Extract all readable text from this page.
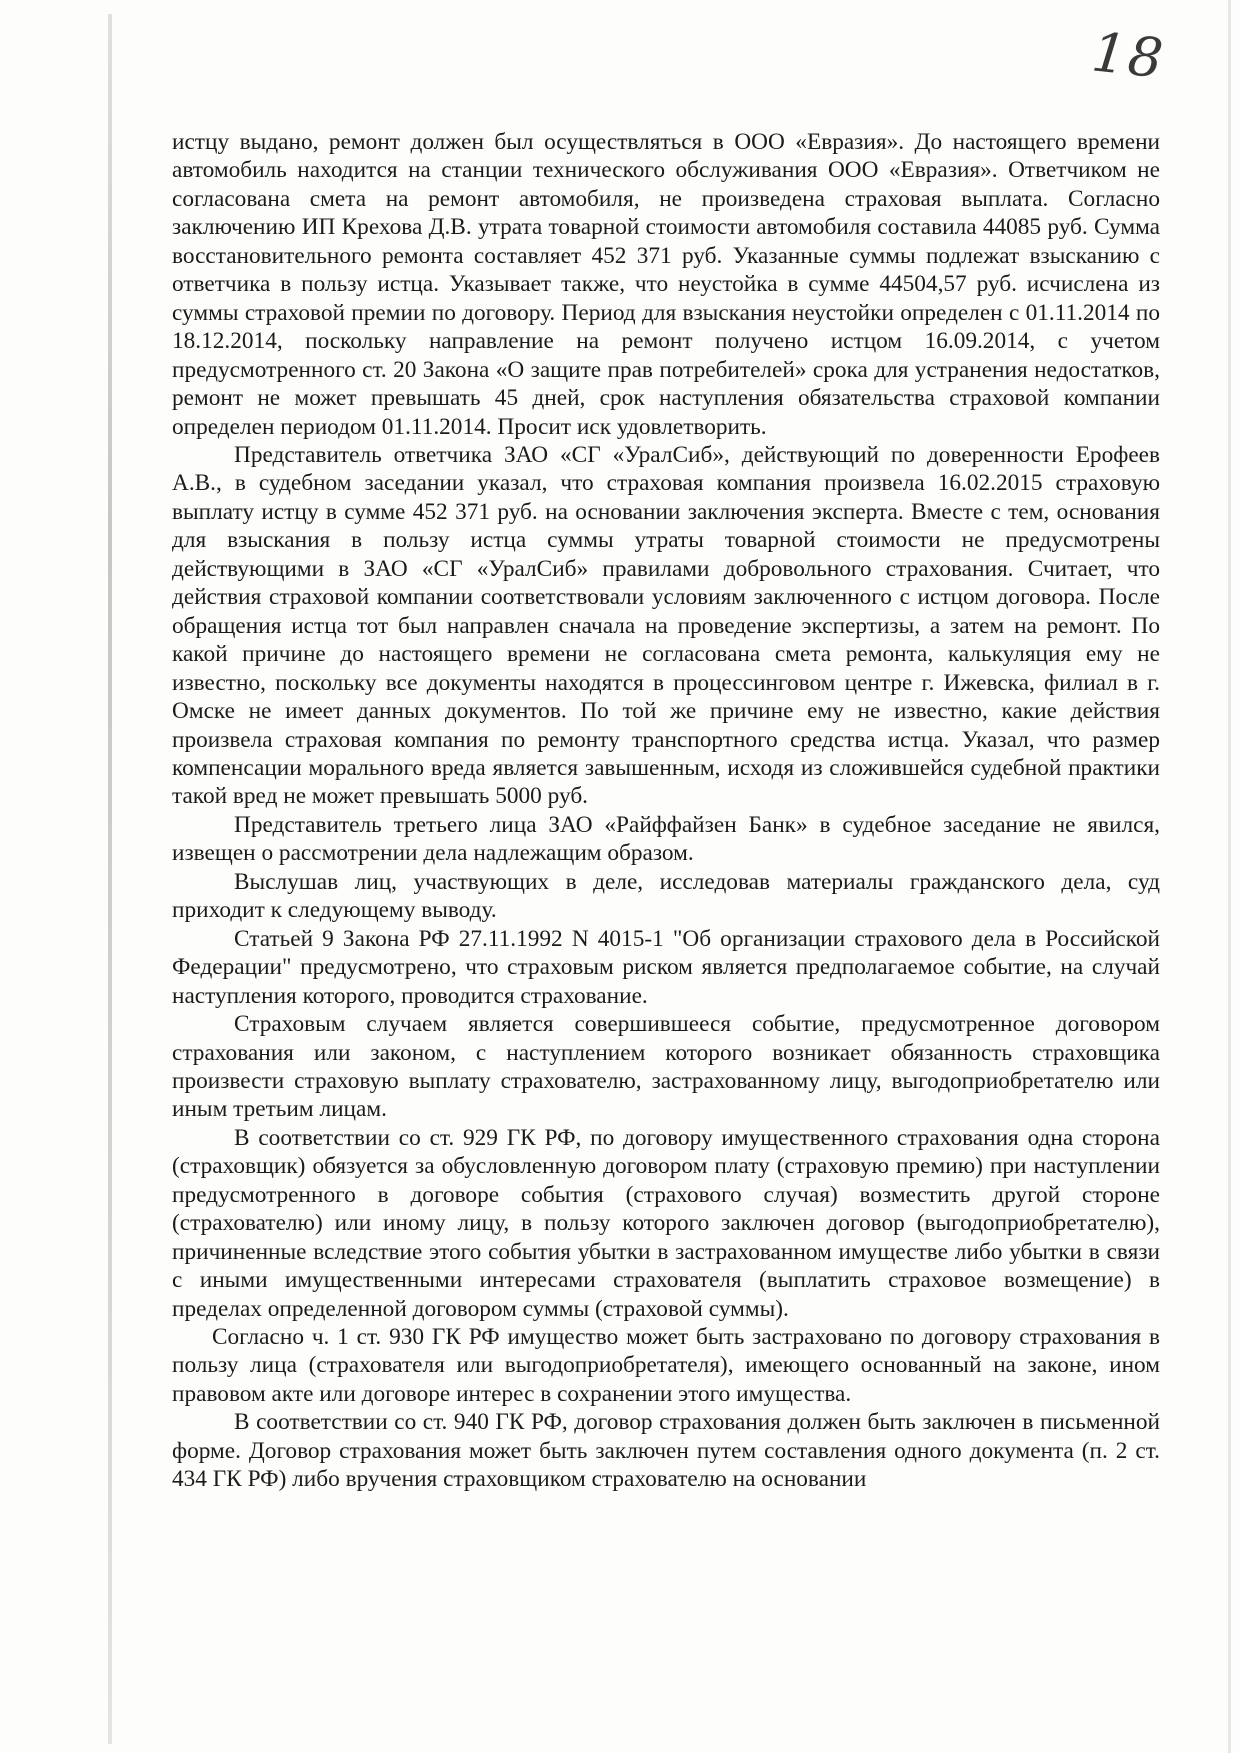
18

истцу выдано, ремонт должен был осуществляться в ООО «Евразия». До настоящего времени автомобиль находится на станции технического обслуживания ООО «Евразия». Ответчиком не согласована смета на ремонт автомобиля, не произведена страховая выплата. Согласно заключению ИП Крехова Д.В. утрата товарной стоимости автомобиля составила 44085 руб. Сумма восстановительного ремонта составляет 452 371 руб. Указанные суммы подлежат взысканию с ответчика в пользу истца. Указывает также, что неустойка в сумме 44504,57 руб. исчислена из суммы страховой премии по договору. Период для взыскания неустойки определен с 01.11.2014 по 18.12.2014, поскольку направление на ремонт получено истцом 16.09.2014, с учетом предусмотренного ст. 20 Закона «О защите прав потребителей» срока для устранения недостатков, ремонт не может превышать 45 дней, срок наступления обязательства страховой компании определен периодом 01.11.2014. Просит иск удовлетворить.

Представитель ответчика ЗАО «СГ «УралСиб», действующий по доверенности Ерофеев А.В., в судебном заседании указал, что страховая компания произвела 16.02.2015 страховую выплату истцу в сумме 452 371 руб. на основании заключения эксперта. Вместе с тем, основания для взыскания в пользу истца суммы утраты товарной стоимости не предусмотрены действующими в ЗАО «СГ «УралСиб» правилами добровольного страхования. Считает, что действия страховой компании соответствовали условиям заключенного с истцом договора. После обращения истца тот был направлен сначала на проведение экспертизы, а затем на ремонт. По какой причине до настоящего времени не согласована смета ремонта, калькуляция ему не известно, поскольку все документы находятся в процессинговом центре г. Ижевска, филиал в г. Омске не имеет данных документов. По той же причине ему не известно, какие действия произвела страховая компания по ремонту транспортного средства истца. Указал, что размер компенсации морального вреда является завышенным, исходя из сложившейся судебной практики такой вред не может превышать 5000 руб.

Представитель третьего лица ЗАО «Райффайзен Банк» в судебное заседание не явился, извещен о рассмотрении дела надлежащим образом.

Выслушав лиц, участвующих в деле, исследовав материалы гражданского дела, суд приходит к следующему выводу.

Статьей 9 Закона РФ 27.11.1992 N 4015-1 "Об организации страхового дела в Российской Федерации" предусмотрено, что страховым риском является предполагаемое событие, на случай наступления которого, проводится страхование.

Страховым случаем является совершившееся событие, предусмотренное договором страхования или законом, с наступлением которого возникает обязанность страховщика произвести страховую выплату страхователю, застрахованному лицу, выгодоприобретателю или иным третьим лицам.

В соответствии со ст. 929 ГК РФ, по договору имущественного страхования одна сторона (страховщик) обязуется за обусловленную договором плату (страховую премию) при наступлении предусмотренного в договоре события (страхового случая) возместить другой стороне (страхователю) или иному лицу, в пользу которого заключен договор (выгодоприобретателю), причиненные вследствие этого события убытки в застрахованном имуществе либо убытки в связи с иными имущественными интересами страхователя (выплатить страховое возмещение) в пределах определенной договором суммы (страховой суммы).

Согласно ч. 1 ст. 930 ГК РФ имущество может быть застраховано по договору страхования в пользу лица (страхователя или выгодоприобретателя), имеющего основанный на законе, ином правовом акте или договоре интерес в сохранении этого имущества.

В соответствии со ст. 940 ГК РФ, договор страхования должен быть заключен в письменной форме. Договор страхования может быть заключен путем составления одного документа (п. 2 ст. 434 ГК РФ) либо вручения страховщиком страхователю на основании
